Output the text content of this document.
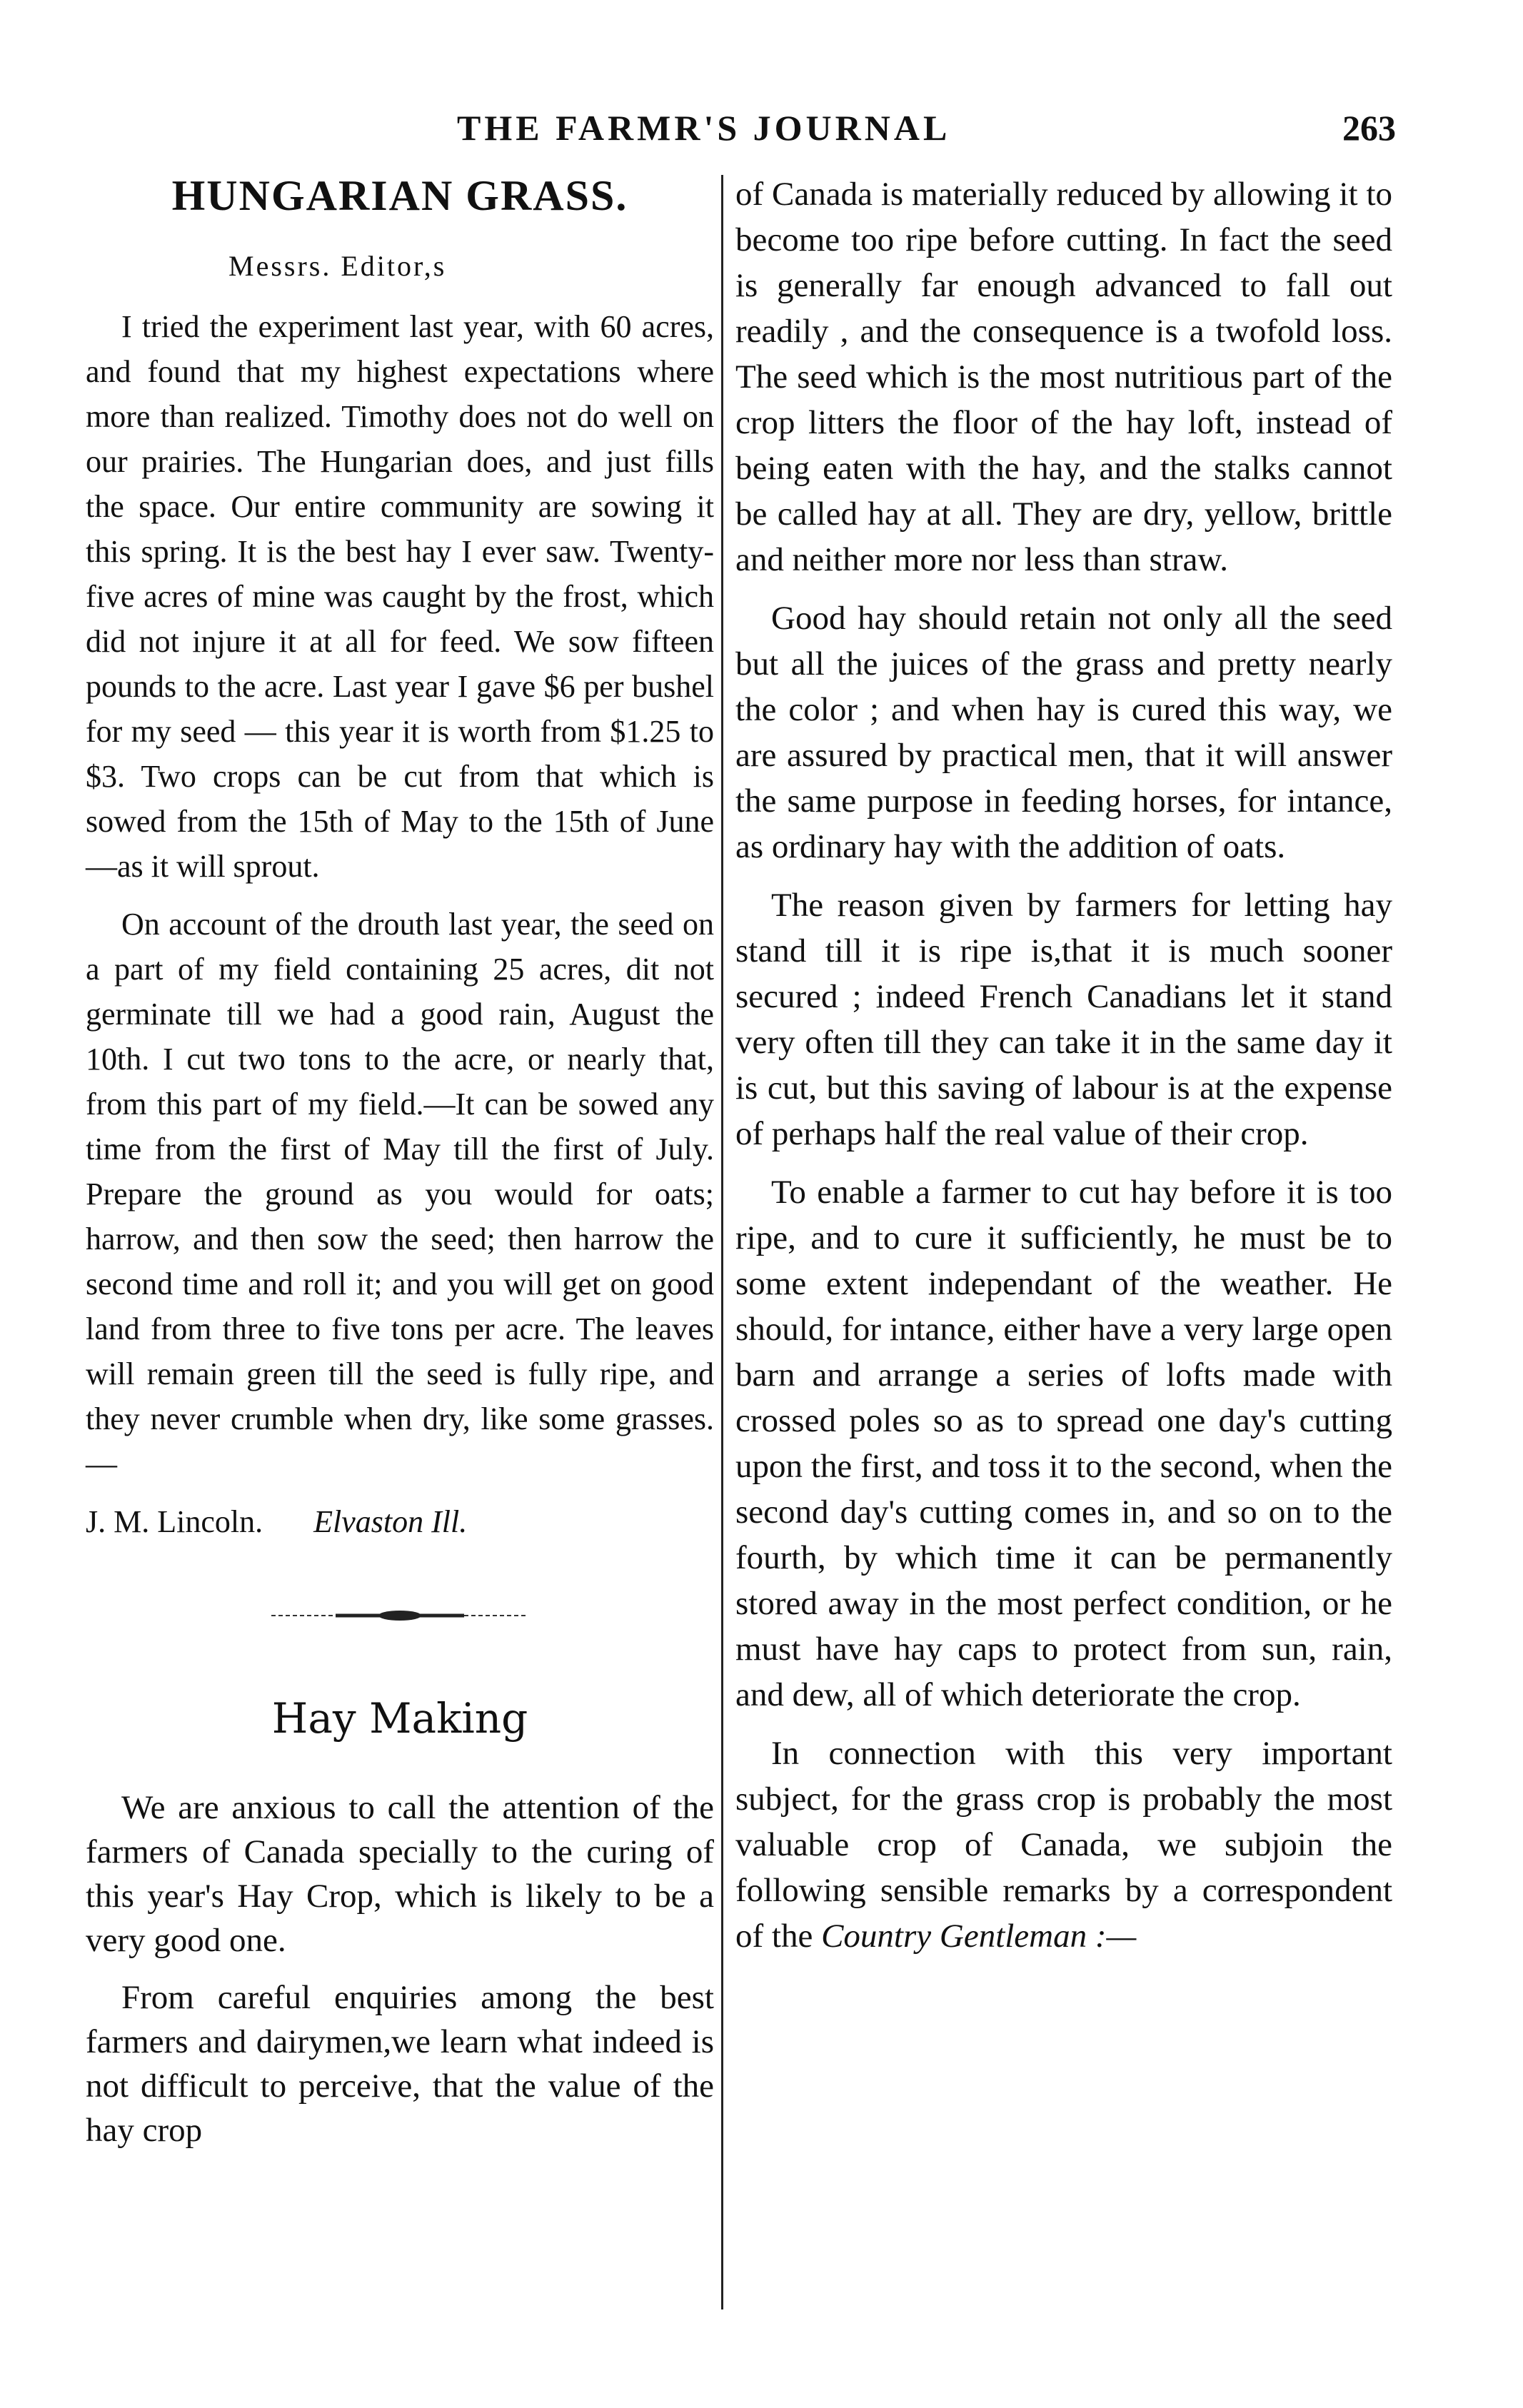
THE FARMR'S JOURNAL	263
HUNGARIAN GRASS.
Messrs. Editor,s

I tried the experiment last year, with 60 acres, and found that my highest expectations where more than realized. Timothy does not do well on our prairies. The Hungarian does, and just fills the space. Our entire community are sowing it this spring. It is the best hay I ever saw. Twenty-five acres of mine was caught by the frost, which did not injure it at all for feed. We sow fifteen pounds to the acre. Last year I gave $6 per bushel for my seed — this year it is worth from $1.25 to $3. Two crops can be cut from that which is sowed from the 15th of May to the 15th of June—as it will sprout.

On account of the drouth last year, the seed on a part of my field containing 25 acres, dit not germinate till we had a good rain, August the 10th. I cut two tons to the acre, or nearly that, from this part of my field.—It can be sowed any time from the first of May till the first of July. Prepare the ground as you would for oats; harrow, and then sow the seed; then harrow the second time and roll it; and you will get on good land from three to five tons per acre. The leaves will remain green till the seed is fully ripe, and they never crumble when dry, like some grasses.—

J. M. Lincoln. Elvaston Ill.

Hay Making

We are anxious to call the attention of the farmers of Canada specially to the curing of this year's Hay Crop, which is likely to be a very good one.

From careful enquiries among the best farmers and dairymen,we learn what indeed is not difficult to perceive, that the value of the hay crop

of Canada is materially reduced by allowing it to become too ripe before cutting. In fact the seed is generally far enough advanced to fall out readily , and the consequence is a twofold loss. The seed which is the most nutritious part of the crop litters the floor of the hay loft, instead of being eaten with the hay, and the stalks cannot be called hay at all. They are dry, yellow, brittle and neither more nor less than straw.

Good hay should retain not only all the seed but all the juices of the grass and pretty nearly the color ; and when hay is cured this way, we are assured by practical men, that it will answer the same purpose in feeding horses, for intance, as ordinary hay with the addition of oats.

The reason given by farmers for letting hay stand till it is ripe is,that it is much sooner secured ; indeed French Canadians let it stand very often till they can take it in the same day it is cut, but this saving of labour is at the expense of perhaps half the real value of their crop.

To enable a farmer to cut hay before it is too ripe, and to cure it sufficiently, he must be to some extent independant of the weather. He should, for intance, either have a very large open barn and arrange a series of lofts made with crossed poles so as to spread one day's cutting upon the first, and toss it to the second, when the second day's cutting comes in, and so on to the fourth, by which time it can be permanently stored away in the most perfect condition, or he must have hay caps to protect from sun, rain, and dew, all of which deteriorate the crop.

In connection with this very important subject, for the grass crop is probably the most valuable crop of Canada, we subjoin the following sensible remarks by a correspondent of the Country Gentleman :—
